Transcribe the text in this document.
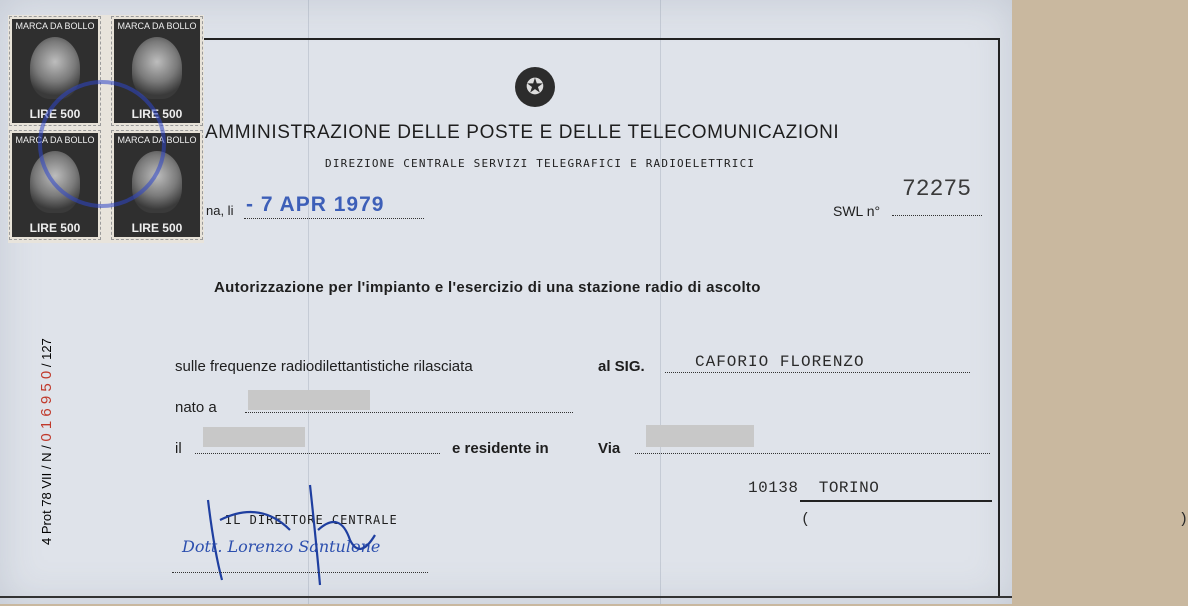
MARCA DA BOLLO
LIRE 500
MARCA DA BOLLO
LIRE 500
MARCA DA BOLLO
LIRE 500
MARCA DA BOLLO
LIRE 500
✪
AMMINISTRAZIONE DELLE POSTE E DELLE TELECOMUNICAZIONI
DIREZIONE CENTRALE SERVIZI TELEGRAFICI E RADIOELETTRICI
na, li - 7 APR 1979	SWL n°
72275
Autorizzazione per l'impianto e l'esercizio di una stazione radio di ascolto
sulle frequenze radiodilettantistiche rilasciata	al SIG.	CAFORIO FLORENZO
nato a
il	e residente in	Via
10138  TORINO
(                                         )
IL DIRETTORE CENTRALE
Dott. Lorenzo Santulone
4 Prot 78 VII / N / 0 1 6 9 5 0 / 127
